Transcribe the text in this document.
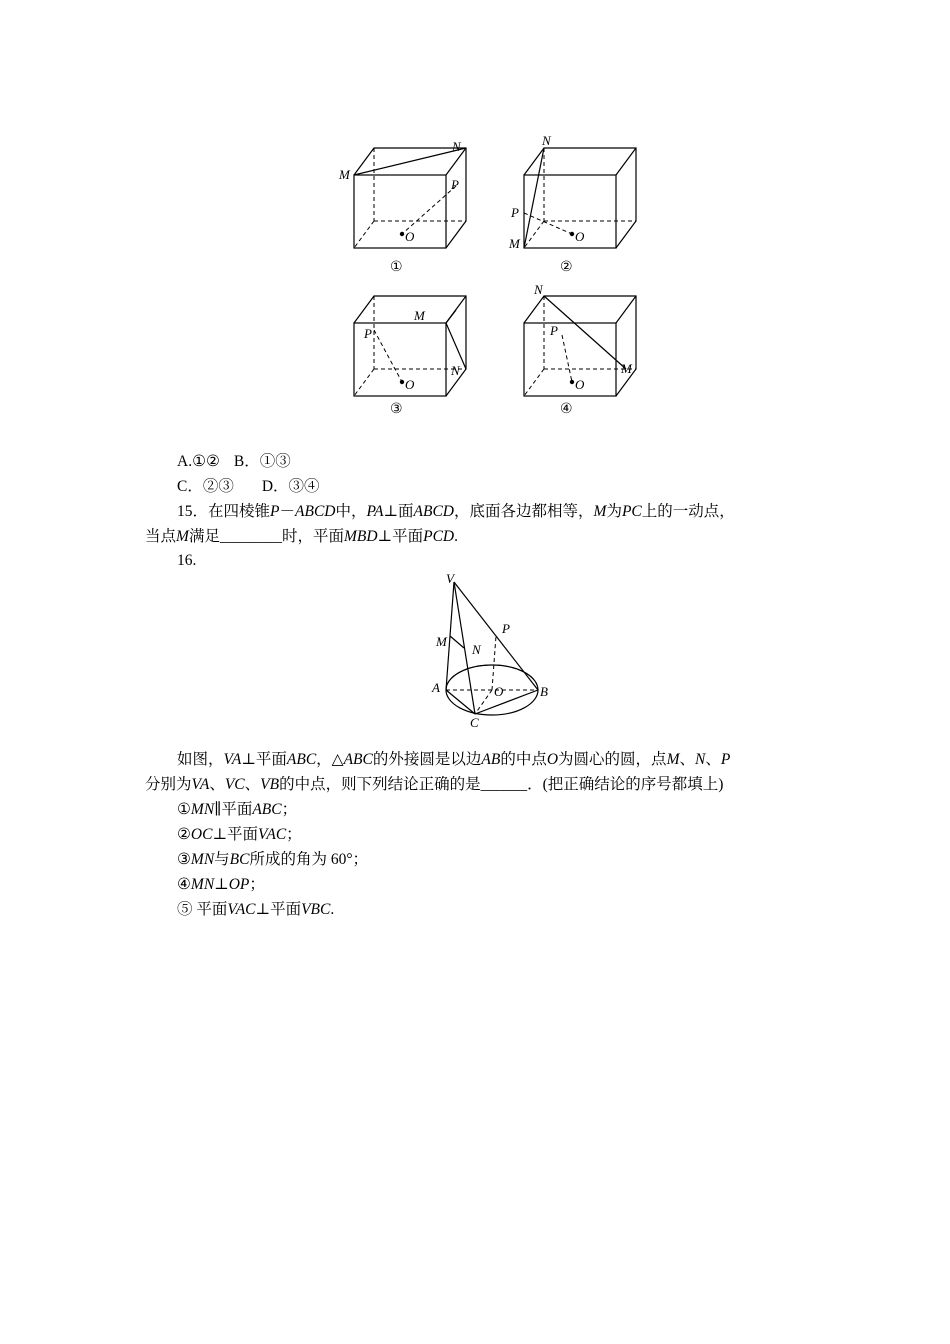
M
N
P
O
①
M
N
P
O
②
M
N
P
O
③
M
N
P
O
④
A.①② B．①③
C．②③ D．③④
15．在四棱锥P－ABCD中，PA⊥面ABCD，底面各边都相等，M为PC上的一动点，
当点M满足________时，平面MBD⊥平面PCD.
16.
V
M
N
P
A	O	B
C
如图，VA⊥平面ABC，△ABC的外接圆是以边AB的中点O为圆心的圆，点M、N、P
分别为VA、VC、VB的中点，则下列结论正确的是______．(把正确结论的序号都填上)
①MN∥平面ABC；
②OC⊥平面VAC；
③MN与BC所成的角为 60°；
④MN⊥OP；
⑤ 平面VAC⊥平面VBC.
